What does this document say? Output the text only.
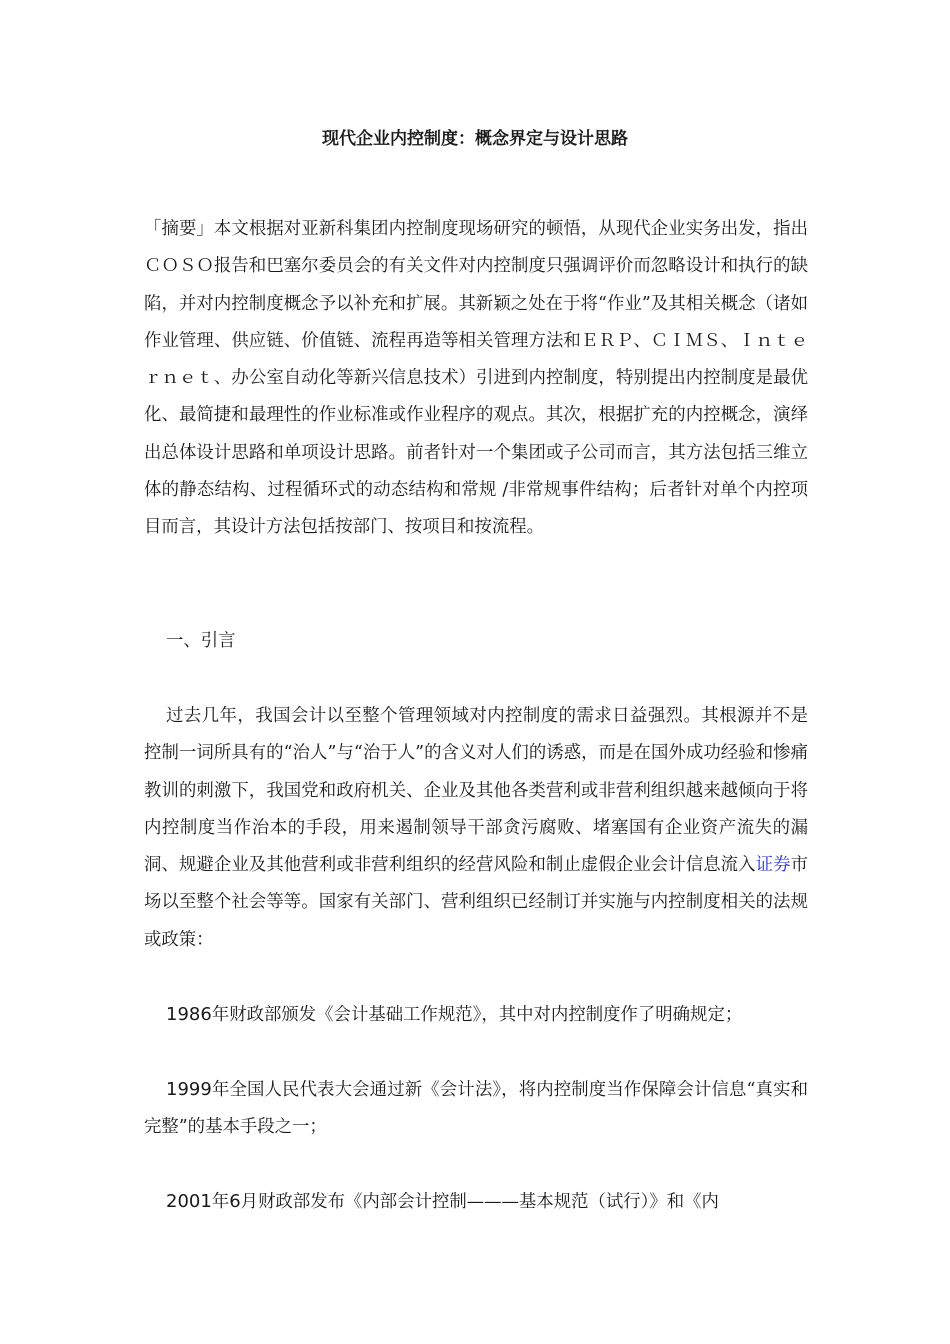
现代企业内控制度：概念界定与设计思路

「摘要」本文根据对亚新科集团内控制度现场研究的顿悟，从现代企业实务出发，指出ＣＯＳＯ报告和巴塞尔委员会的有关文件对内控制度只强调评价而忽略设计和执行的缺陷，并对内控制度概念予以补充和扩展。其新颖之处在于将“作业”及其相关概念（诸如作业管理、供应链、价值链、流程再造等相关管理方法和ＥＲＰ、ＣＩＭＳ、Ｉｎｔｅｒｎｅｔ、办公室自动化等新兴信息技术）引进到内控制度，特别提出内控制度是最优化、最简捷和最理性的作业标准或作业程序的观点。其次，根据扩充的内控概念，演绎出总体设计思路和单项设计思路。前者针对一个集团或子公司而言，其方法包括三维立体的静态结构、过程循环式的动态结构和常规 /非常规事件结构；后者针对单个内控项目而言，其设计方法包括按部门、按项目和按流程。

一、引言

过去几年，我国会计以至整个管理领域对内控制度的需求日益强烈。其根源并不是控制一词所具有的“治人”与“治于人”的含义对人们的诱惑，而是在国外成功经验和惨痛教训的刺激下，我国党和政府机关、企业及其他各类营利或非营利组织越来越倾向于将内控制度当作治本的手段，用来遏制领导干部贪污腐败、堵塞国有企业资产流失的漏洞、规避企业及其他营利或非营利组织的经营风险和制止虚假企业会计信息流入证券市场以至整个社会等等。国家有关部门、营利组织已经制订并实施与内控制度相关的法规或政策：

1986年财政部颁发《会计基础工作规范》，其中对内控制度作了明确规定；

1999年全国人民代表大会通过新《会计法》，将内控制度当作保障会计信息“真实和完整”的基本手段之一；

2001年6月财政部发布《内部会计控制———基本规范（试行）》和《内
